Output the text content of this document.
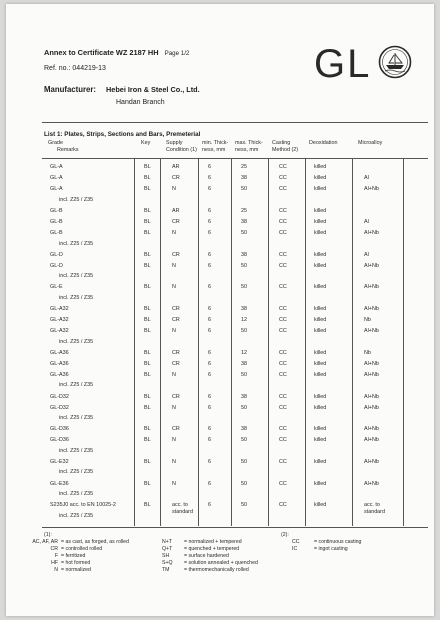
Annex to Certificate WZ 2187 HH Page 1/2
Ref. no.: 044219-13
Manufacturer: Hebei Iron & Steel Co., Ltd.
Handan Branch
GL
List 1: Plates, Strips, Sections and Bars, Premeterial
Grade
Remarks
Key	Supply
Condition (1)
min. Thick-
ness, mm
max. Thick-
ness, mm
Casting
Method (2)
Deoxidation	Microalloy
GL-A	BL	AR	6	25	CC	killed
GL-A	BL	CR	6	38	CC	killed	Al
GL-A	BL	N	6	50	CC	killed	Al+Nb
incl. Z25 / Z35
GL-B	BL	AR	6	25	CC	killed
GL-B	BL	CR	6	38	CC	killed	Al
GL-B	BL	N	6	50	CC	killed	Al+Nb
incl. Z25 / Z35
GL-D	BL	CR	6	38	CC	killed	Al
GL-D	BL	N	6	50	CC	killed	Al+Nb
incl. Z25 / Z35
GL-E	BL	N	6	50	CC	killed	Al+Nb
incl. Z25 / Z35
GL-A32	BL	CR	6	38	CC	killed	Al+Nb
GL-A32	BL	CR	6	12	CC	killed	Nb
GL-A32	BL	N	6	50	CC	killed	Al+Nb
incl. Z25 / Z35
GL-A36	BL	CR	6	12	CC	killed	Nb
GL-A36	BL	CR	6	38	CC	killed	Al+Nb
GL-A36	BL	N	6	50	CC	killed	Al+Nb
incl. Z25 / Z35
GL-D32	BL	CR	6	38	CC	killed	Al+Nb
GL-D32	BL	N	6	50	CC	killed	Al+Nb
incl. Z25 / Z35
GL-D36	BL	CR	6	38	CC	killed	Al+Nb
GL-D36	BL	N	6	50	CC	killed	Al+Nb
incl. Z25 / Z35
GL-E32	BL	N	6	50	CC	killed	Al+Nb
incl. Z25 / Z35
GL-E36	BL	N	6	50	CC	killed	Al+Nb
incl. Z25 / Z35
S235J0 acc. to EN 10025-2	BL	acc. to	6	50	CC	killed	acc. to
standard	standard
incl. Z25 / Z35
(1):	(2):
AC, AF, AR = as cast, as forged, as rolled
CR = controlled rolled
F = ferritized
HF = hot formed
N = normalized
N+T = normalized + tempered
Q+T = quenched + tempered
SH	= surface hardened
S+Q = solution annealed + quenched
TM	= thermomechanically rolled
CC	= continuous casting
IC	= ingot casting
